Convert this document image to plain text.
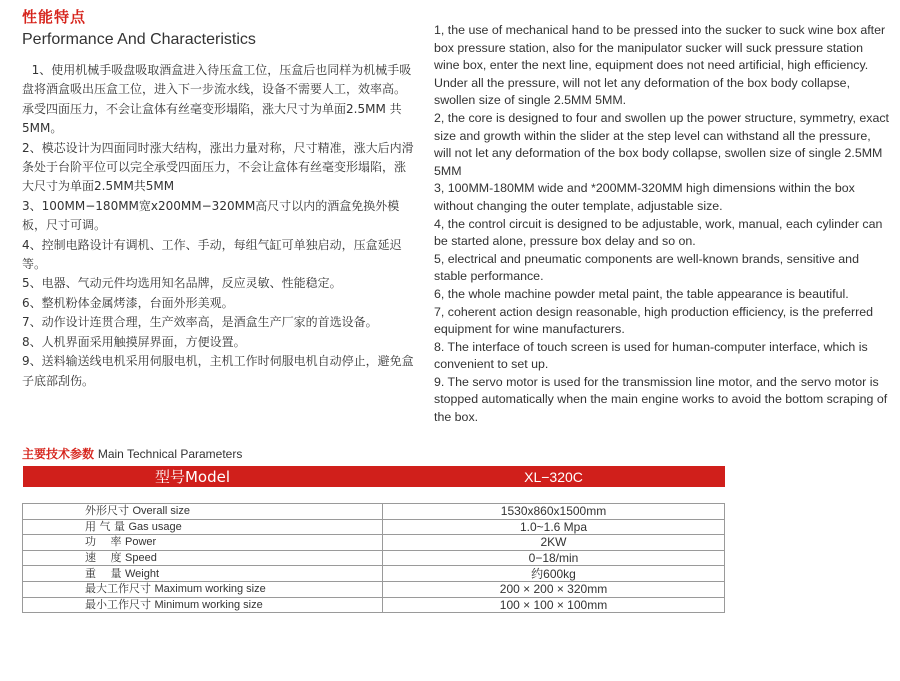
性能特点
Performance And Characteristics
1、使用机械手吸盘吸取酒盒进入待压盒工位，压盒后也同样为机械手吸盘将酒盒吸出压盒工位，进入下一步流水线，设备不需要人工，效率高。承受四面压力，不会让盒体有丝毫变形塌陷，涨大尺寸为单面2.5MM 共5MM。
2、模芯设计为四面同时涨大结构，涨出力量对称，尺寸精准，涨大后内滑条处于台阶平位可以完全承受四面压力，不会让盒体有丝毫变形塌陷，涨大尺寸为单面2.5MM共5MM
3、100MM−180MM宽x200MM−320MM高尺寸以内的酒盒免换外模板，尺寸可调。
4、控制电路设计有调机、工作、手动，每组气缸可单独启动，压盒延迟等。
5、电器、气动元件均选用知名品牌，反应灵敏、性能稳定。
6、整机粉体金属烤漆，台面外形美观。
7、动作设计连贯合理，生产效率高，是酒盒生产厂家的首选设备。
8、人机界面采用触摸屏界面，方便设置。
9、送料输送线电机采用伺服电机，主机工作时伺服电机自动停止，避免盒子底部刮伤。
1, the use of mechanical hand to be pressed into the sucker to suck wine box after box pressure station, also for the manipulator sucker will suck pressure station wine box, enter the next line, equipment does not need artificial, high efficiency. Under all the pressure, will not let any deformation of the box body collapse, swollen size of single 2.5MM 5MM.
2, the core is designed to four and swollen up the power structure, symmetry, exact size and growth within the slider at the step level can withstand all the pressure, will not let any deformation of the box body collapse, swollen size of single 2.5MM 5MM
3, 100MM-180MM wide and *200MM-320MM high dimensions within the box without changing the outer template, adjustable size.
4, the control circuit is designed to be adjustable, work, manual, each cylinder can be started alone, pressure box delay and so on.
5, electrical and pneumatic components are well-known brands, sensitive and stable performance.
6, the whole machine powder metal paint, the table appearance is beautiful.
7, coherent action design reasonable, high production efficiency, is the preferred equipment for wine manufacturers.
8. The interface of touch screen is used for human-computer interface, which is convenient to set up.
9. The servo motor is used for the transmission line motor, and the servo motor is stopped automatically when the main engine works to avoid the bottom scraping of the box.
主要技术参数 Main Technical Parameters
型号Model	XL−320C

外形尺寸 Overall size	1530x860x1500mm
用 气 量 Gas usage	1.0~1.6 Mpa
功　 率 Power	2KW
速　 度 Speed	0−18/min
重　 量 Weight	约600kg
最大工作尺寸 Maximum working size	200 × 200 × 320mm
最小工作尺寸 Minimum working size	100 × 100 × 100mm
